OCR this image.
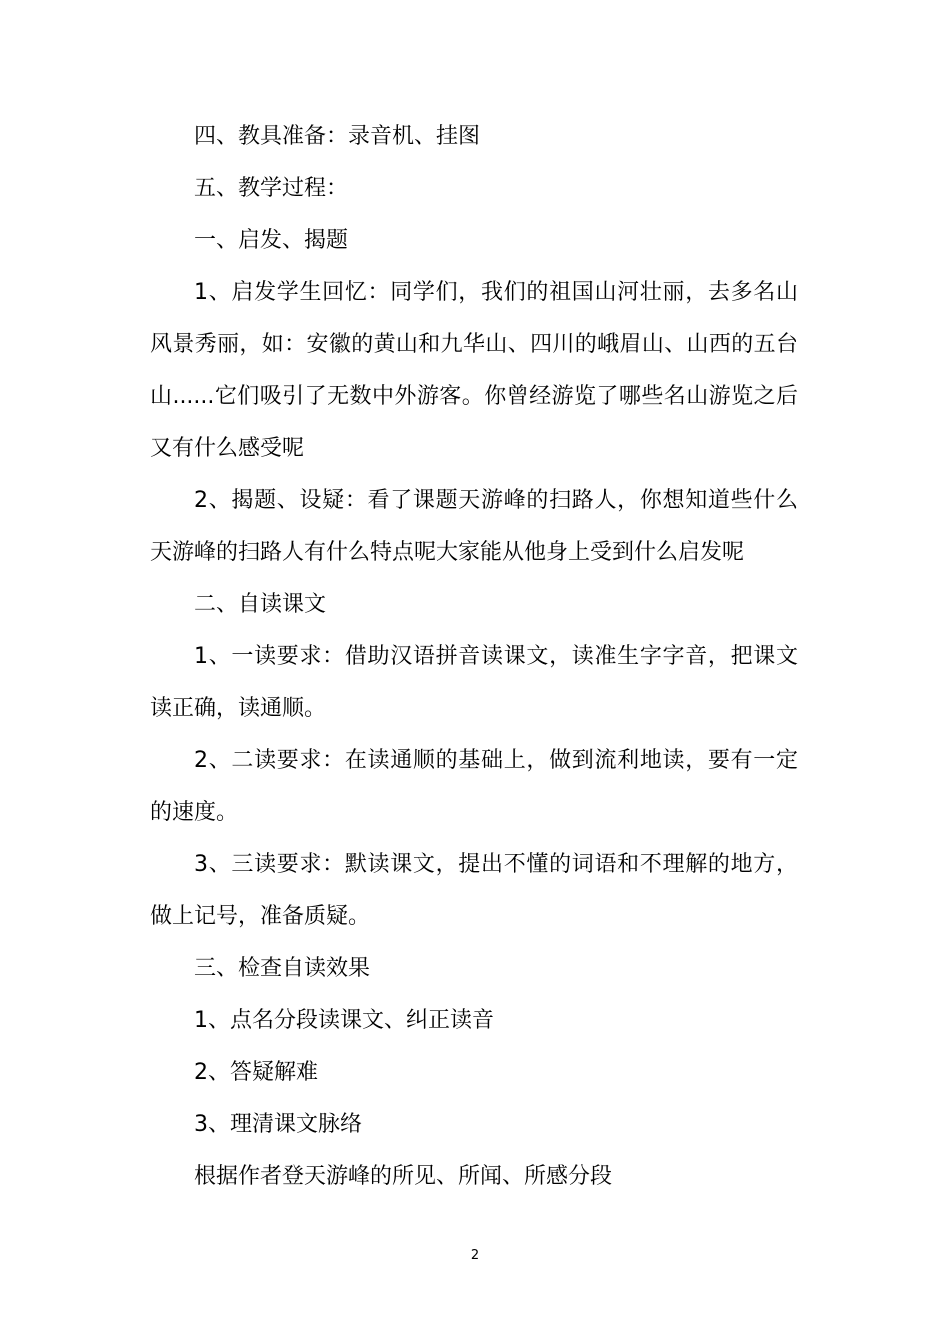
四、教具准备：录音机、挂图

五、教学过程：

一、启发、揭题

1、启发学生回忆：同学们，我们的祖国山河壮丽，去多名山风景秀丽，如：安徽的黄山和九华山、四川的峨眉山、山西的五台山......它们吸引了无数中外游客。你曾经游览了哪些名山游览之后又有什么感受呢

2、揭题、设疑：看了课题天游峰的扫路人，你想知道些什么天游峰的扫路人有什么特点呢大家能从他身上受到什么启发呢

二、自读课文

1、一读要求：借助汉语拼音读课文，读准生字字音，把课文读正确，读通顺。

2、二读要求：在读通顺的基础上，做到流利地读，要有一定的速度。

3、三读要求：默读课文，提出不懂的词语和不理解的地方，做上记号，准备质疑。

三、检查自读效果

1、点名分段读课文、纠正读音

2、答疑解难

3、理清课文脉络

根据作者登天游峰的所见、所闻、所感分段

2
